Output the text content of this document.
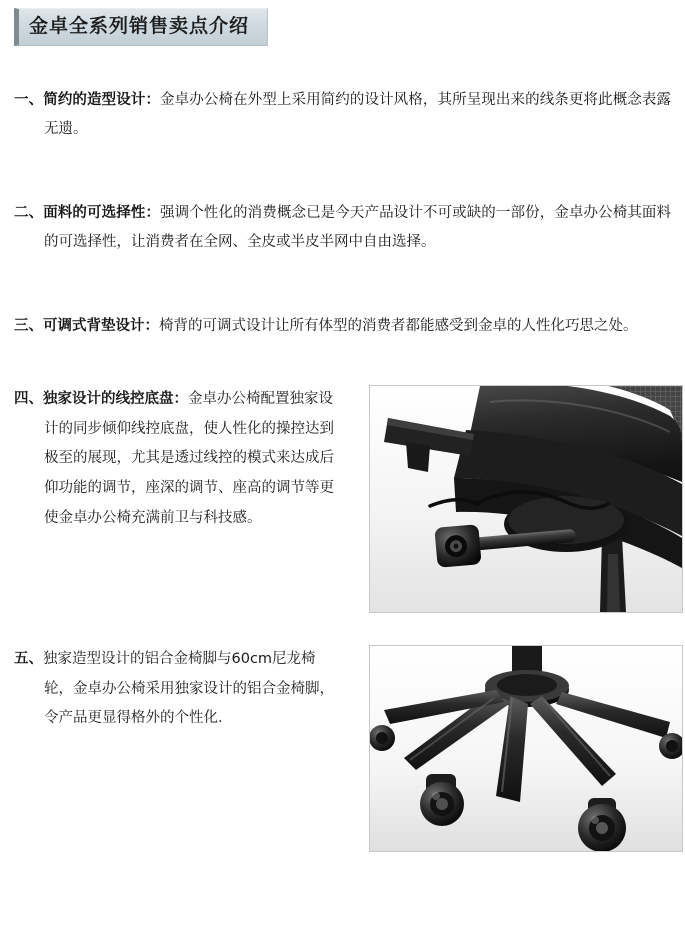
金卓全系列销售卖点介绍
一、简约的造型设计：金卓办公椅在外型上采用简约的设计风格，其所呈现出来的线条更将此概念表露无遗。
二、面料的可选择性：强调个性化的消费概念已是今天产品设计不可或缺的一部份，金卓办公椅其面料的可选择性，让消费者在全网、全皮或半皮半网中自由选择。
三、可调式背垫设计：椅背的可调式设计让所有体型的消费者都能感受到金卓的人性化巧思之处。
四、独家设计的线控底盘：金卓办公椅配置独家设计的同步倾仰线控底盘，使人性化的操控达到极至的展现，尤其是透过线控的模式来达成后仰功能的调节，座深的调节、座高的调节等更使金卓办公椅充满前卫与科技感。
五、独家造型设计的铝合金椅脚与60cm尼龙椅轮，金卓办公椅采用独家设计的铝合金椅脚，令产品更显得格外的个性化．
